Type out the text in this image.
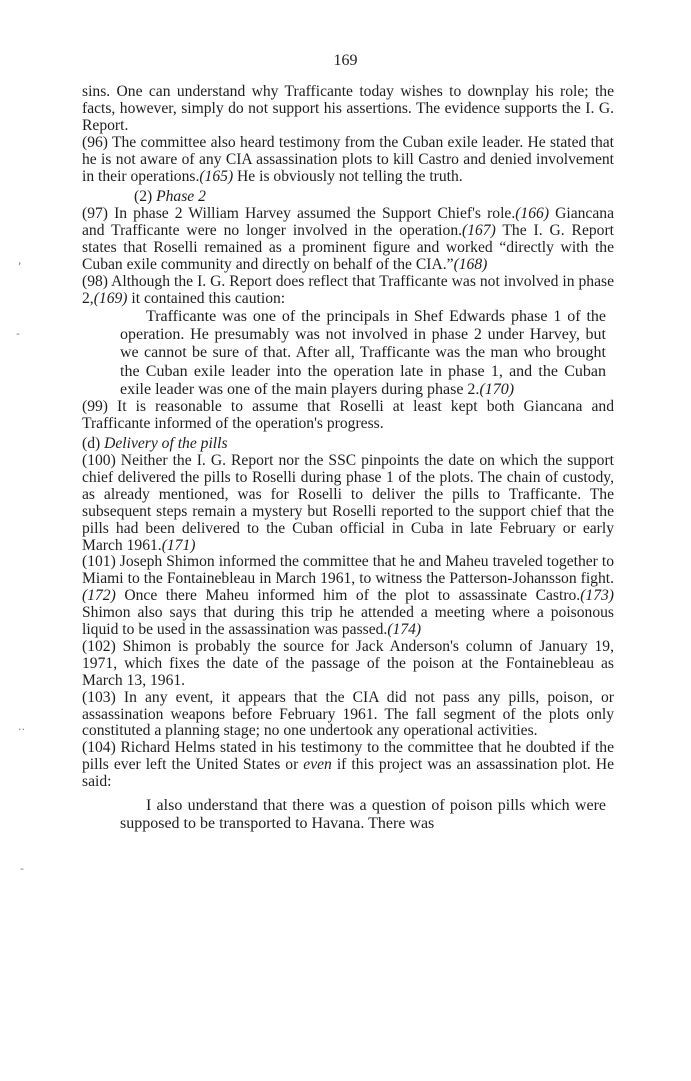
169
,
-
..
-

sins. One can understand why Trafficante today wishes to downplay his role; the facts, however, simply do not support his assertions. The evidence supports the I. G. Report.

(96) The committee also heard testimony from the Cuban exile leader. He stated that he is not aware of any CIA assassination plots to kill Castro and denied involvement in their operations.(165) He is obviously not telling the truth.

(2) Phase 2

(97) In phase 2 William Harvey assumed the Support Chief's role.(166) Giancana and Trafficante were no longer involved in the operation.(167) The I. G. Report states that Roselli remained as a prominent figure and worked “directly with the Cuban exile community and directly on behalf of the CIA.”(168)

(98) Although the I. G. Report does reflect that Trafficante was not involved in phase 2,(169) it contained this caution:

Trafficante was one of the principals in Shef Edwards phase 1 of the operation. He presumably was not involved in phase 2 under Harvey, but we cannot be sure of that. After all, Trafficante was the man who brought the Cuban exile leader into the operation late in phase 1, and the Cuban exile leader was one of the main players during phase 2.(170)

(99) It is reasonable to assume that Roselli at least kept both Giancana and Trafficante informed of the operation's progress.

(d) Delivery of the pills

(100) Neither the I. G. Report nor the SSC pinpoints the date on which the support chief delivered the pills to Roselli during phase 1 of the plots. The chain of custody, as already mentioned, was for Roselli to deliver the pills to Trafficante. The subsequent steps remain a mystery but Roselli reported to the support chief that the pills had been delivered to the Cuban official in Cuba in late February or early March 1961.(171)

(101) Joseph Shimon informed the committee that he and Maheu traveled together to Miami to the Fontainebleau in March 1961, to witness the Patterson-Johansson fight.(172) Once there Maheu informed him of the plot to assassinate Castro.(173) Shimon also says that during this trip he attended a meeting where a poisonous liquid to be used in the assassination was passed.(174)

(102) Shimon is probably the source for Jack Anderson's column of January 19, 1971, which fixes the date of the passage of the poison at the Fontainebleau as March 13, 1961.

(103) In any event, it appears that the CIA did not pass any pills, poison, or assassination weapons before February 1961. The fall segment of the plots only constituted a planning stage; no one undertook any operational activities.

(104) Richard Helms stated in his testimony to the committee that he doubted if the pills ever left the United States or even if this project was an assassination plot. He said:

I also understand that there was a question of poison pills which were supposed to be transported to Havana. There was
